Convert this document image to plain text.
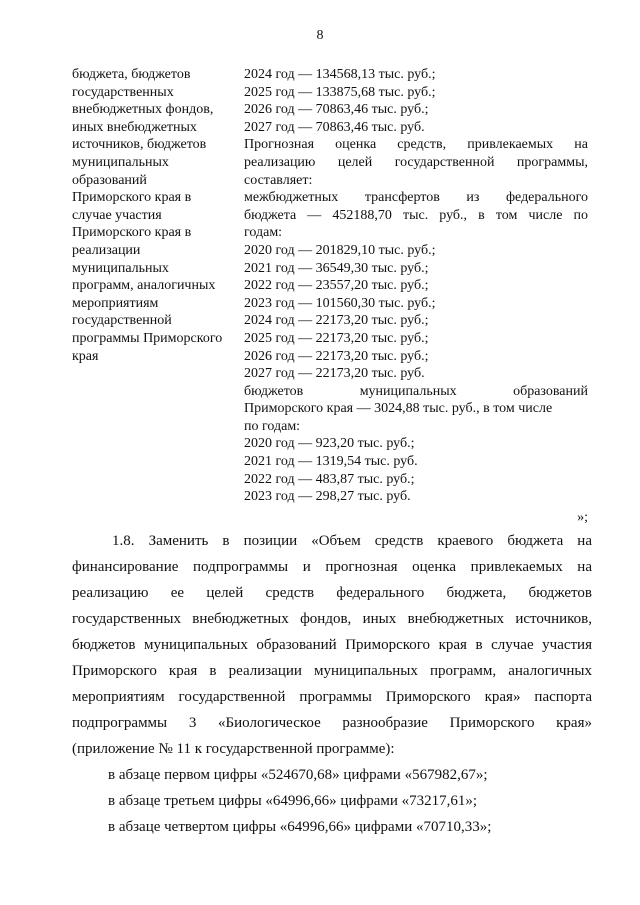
8
бюджета, бюджетов
государственных
внебюджетных фондов,
иных внебюджетных
источников, бюджетов
муниципальных
образований
Приморского края в
случае участия
Приморского края в
реализации
муниципальных
программ, аналогичных
мероприятиям
государственной
программы Приморского
края
2024 год — 134568,13 тыс. руб.;
2025 год — 133875,68 тыс. руб.;
2026 год — 70863,46 тыс. руб.;
2027 год — 70863,46 тыс. руб.
Прогнозная оценка средств, привлекаемых на
реализацию целей государственной программы,
составляет:
межбюджетных трансфертов из федерального
бюджета — 452188,70 тыс. руб., в том числе по
годам:
2020 год — 201829,10 тыс. руб.;
2021 год — 36549,30 тыс. руб.;
2022 год — 23557,20 тыс. руб.;
2023 год — 101560,30 тыс. руб.;
2024 год — 22173,20 тыс. руб.;
2025 год — 22173,20 тыс. руб.;
2026 год — 22173,20 тыс. руб.;
2027 год — 22173,20 тыс. руб.
бюджетов муниципальных образований
Приморского края — 3024,88 тыс. руб., в том числе
по годам:
2020 год — 923,20 тыс. руб.;
2021 год — 1319,54 тыс. руб.
2022 год — 483,87 тыс. руб.;
2023 год — 298,27 тыс. руб.
»;
1.8. Заменить в позиции «Объем средств краевого бюджета на
финансирование подпрограммы и прогнозная оценка привлекаемых на
реализацию ее целей средств федерального бюджета, бюджетов
государственных внебюджетных фондов, иных внебюджетных источников,
бюджетов муниципальных образований Приморского края в случае участия
Приморского края в реализации муниципальных программ, аналогичных
мероприятиям государственной программы Приморского края» паспорта
подпрограммы 3 «Биологическое разнообразие Приморского края»
(приложение № 11 к государственной программе):
в абзаце первом цифры «524670,68» цифрами «567982,67»;
в абзаце третьем цифры «64996,66» цифрами «73217,61»;
в абзаце четвертом цифры «64996,66» цифрами «70710,33»;
